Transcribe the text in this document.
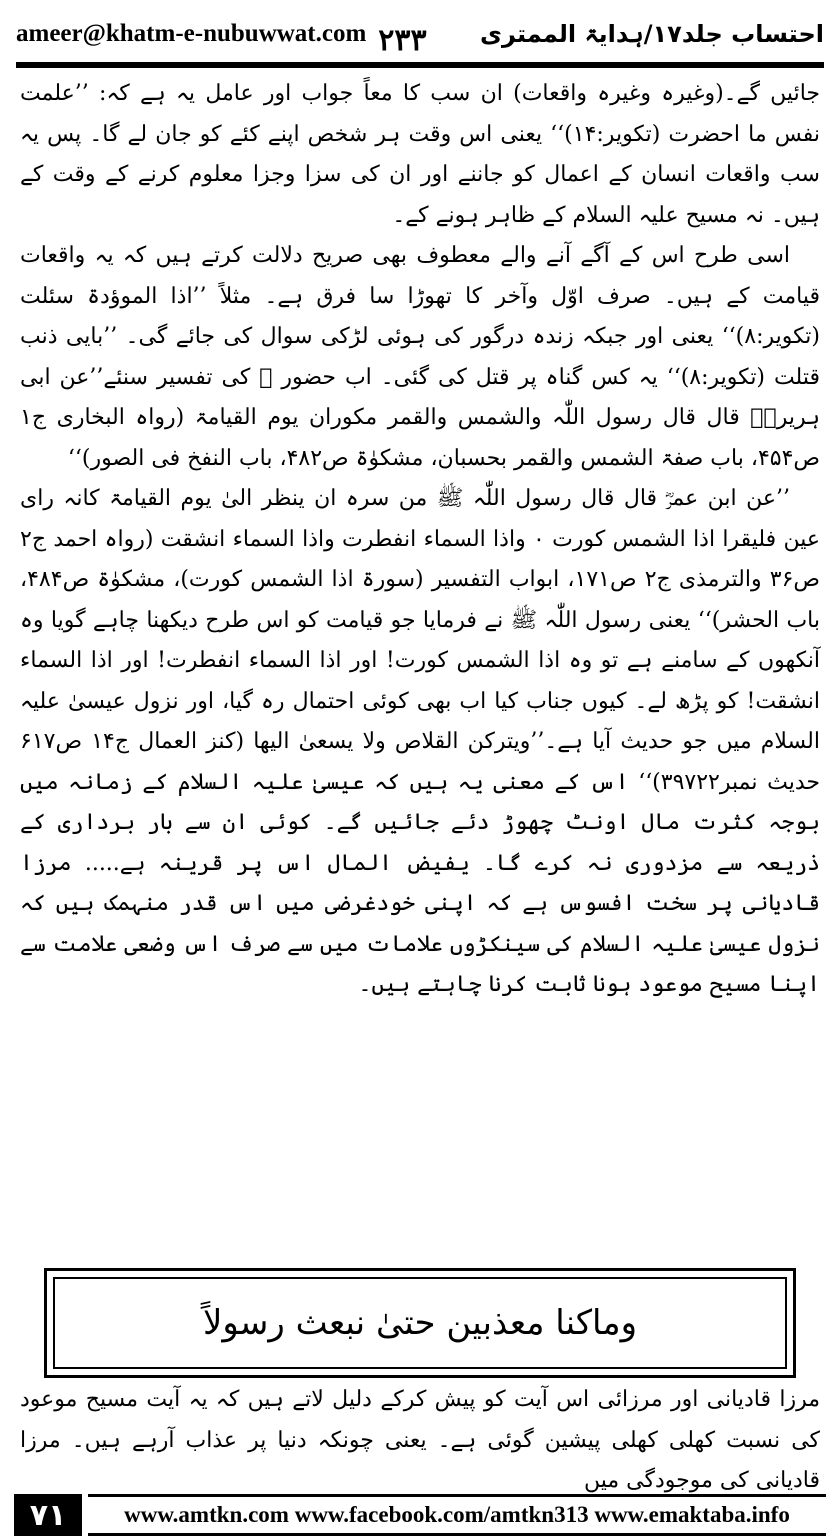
ameer@khatm-e-nubuwwat.com ۲۳۳ احتساب جلد۱۷/ہدایۃ الممتری

جائیں گے۔(وغیرہ وغیرہ واقعات) ان سب کا معاً جواب اور عامل یہ ہے کہ: ’’علمت نفس ما احضرت (تکویر:۱۴)‘‘ یعنی اس وقت ہر شخص اپنے کئے کو جان لے گا۔ پس یہ سب واقعات انسان کے اعمال کو جاننے اور ان کی سزا وجزا معلوم کرنے کے وقت کے ہیں۔ نہ مسیح علیہ السلام کے ظاہر ہونے کے۔

اسی طرح اس کے آگے آنے والے معطوف بھی صریح دلالت کرتے ہیں کہ یہ واقعات قیامت کے ہیں۔ صرف اوّل وآخر کا تھوڑا سا فرق ہے۔ مثلاً ’’اذا الموؤدۃ سئلت (تکویر:۸)‘‘ یعنی اور جبکہ زندہ درگور کی ہوئی لڑکی سوال کی جائے گی۔ ’’بایی ذنب قتلت (تکویر:۸)‘‘ یہ کس گناہ پر قتل کی گئی۔ اب حضور ﷺ کی تفسیر سنئے’’عن ابی ہریرۃؓ قال قال رسول اللّٰہ والشمس والقمر مکوران یوم القیامۃ (رواہ البخاری ج۱ ص۴۵۴، باب صفۃ الشمس والقمر بحسبان، مشکوٰۃ ص۴۸۲، باب النفخ فی الصور)‘‘

’’عن ابن عمرؓ قال قال رسول اللّٰہ ﷺ من سرہ ان ینظر الیٰ یوم القیامۃ کانہ رای عین فلیقرا اذا الشمس کورت ۰ واذا السماء انفطرت واذا السماء انشقت (رواہ احمد ج۲ ص۳۶ والترمذی ج۲ ص۱۷۱، ابواب التفسیر (سورۃ اذا الشمس کورت)، مشکوٰۃ ص۴۸۴، باب الحشر)‘‘ یعنی رسول اللّٰہ ﷺ نے فرمایا جو قیامت کو اس طرح دیکھنا چاہے گویا وہ آنکھوں کے سامنے ہے تو وہ اذا الشمس کورت! اور اذا السماء انفطرت! اور اذا السماء انشقت! کو پڑھ لے۔ کیوں جناب کیا اب بھی کوئی احتمال رہ گیا، اور نزول عیسیٰ علیہ السلام میں جو حدیث آیا ہے۔’’ویترکن القلاص ولا یسعیٰ الیھا (کنز العمال ج۱۴ ص۶۱۷ حدیث نمبر۳۹۷۲۲)‘‘ اس کے معنی یہ ہیں کہ عیسیٰ علیہ السلام کے زمانہ میں بوجہ کثرت مال اونٹ چھوڑ دئے جائیں گے۔ کوئی ان سے بار برداری کے ذریعہ سے مزدوری نہ کرے گا۔ یفیض المال اس پر قرینہ ہے..... مرزا قادیانی پر سخت افسوس ہے کہ اپنی خودغرضی میں اس قدر منہمک ہیں کہ نزول عیسیٰ علیہ السلام کی سینکڑوں علامات میں سے صرف اس وضعی علامت سے اپنا مسیح موعود ہونا ثابت کرنا چاہتے ہیں۔

وماکنا معذبین حتیٰ نبعث رسولاً

مرزا قادیانی اور مرزائی اس آیت کو پیش کرکے دلیل لاتے ہیں کہ یہ آیت مسیح موعود کی نسبت کھلی کھلی پیشین گوئی ہے۔ یعنی چونکہ دنیا پر عذاب آرہے ہیں۔ مرزا قادیانی کی موجودگی میں

۷۱	www.amtkn.com www.facebook.com/amtkn313 www.emaktaba.info
